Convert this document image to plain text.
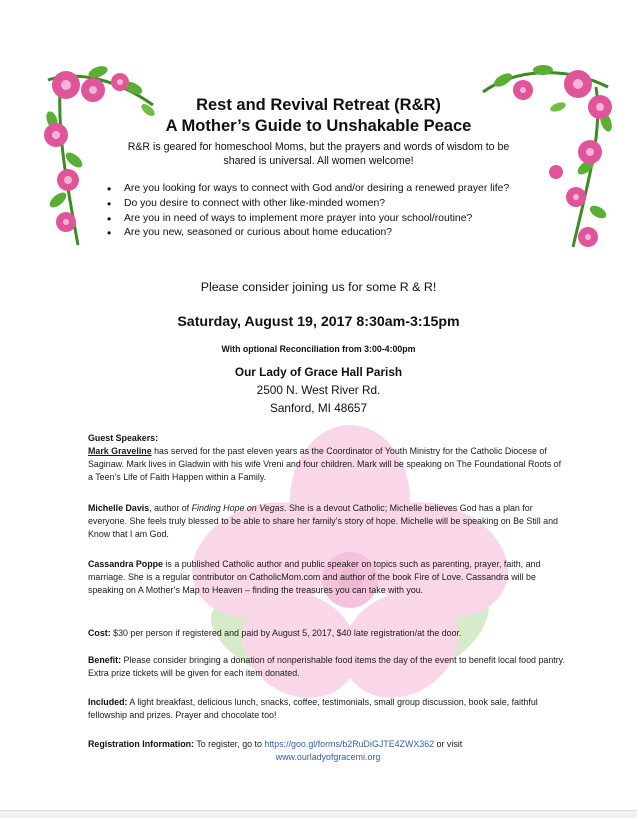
Rest and Revival Retreat (R&R)
A Mother’s Guide to Unshakable Peace
R&R is geared for homeschool Moms, but the prayers and words of wisdom to be
shared is universal. All women welcome!
• Are you looking for ways to connect with God and/or desiring a renewed prayer life?
• Do you desire to connect with other like-minded women?
• Are you in need of ways to implement more prayer into your school/routine?
• Are you new, seasoned or curious about home education?
Please consider joining us for some R & R!
Saturday, August 19, 2017 8:30am-3:15pm
With optional Reconciliation from 3:00-4:00pm
Our Lady of Grace Hall Parish
2500 N. West River Rd.
Sanford, MI 48657
Guest Speakers:
Mark Graveline has served for the past eleven years as the Coordinator of Youth Ministry for the Catholic Diocese of Saginaw. Mark lives in Gladwin with his wife Vreni and four children. Mark will be speaking on The Foundational Roots of a Teen’s Life of Faith Happen within a Family.
Michelle Davis, author of Finding Hope on Vegas. She is a devout Catholic; Michelle believes God has a plan for everyone. She feels truly blessed to be able to share her family’s story of hope. Michelle will be speaking on Be Still and Know that I am God.
Cassandra Poppe is a published Catholic author and public speaker on topics such as parenting, prayer, faith, and marriage. She is a regular contributor on CatholicMom.com and author of the book Fire of Love. Cassandra will be speaking on A Mother’s Map to Heaven – finding the treasures you can take with you.
Cost: $30 per person if registered and paid by August 5, 2017, $40 late registration/at the door.
Benefit: Please consider bringing a donation of nonperishable food items the day of the event to benefit local food pantry. Extra prize tickets will be given for each item donated.
Included: A light breakfast, delicious lunch, snacks, coffee, testimonials, small group discussion, book sale, faithful fellowship and prizes. Prayer and chocolate too!
Registration Information: To register, go to https://goo.gl/forms/b2RuDiGJTE4ZWX362 or visit
www.ourladyofgracemi.org
